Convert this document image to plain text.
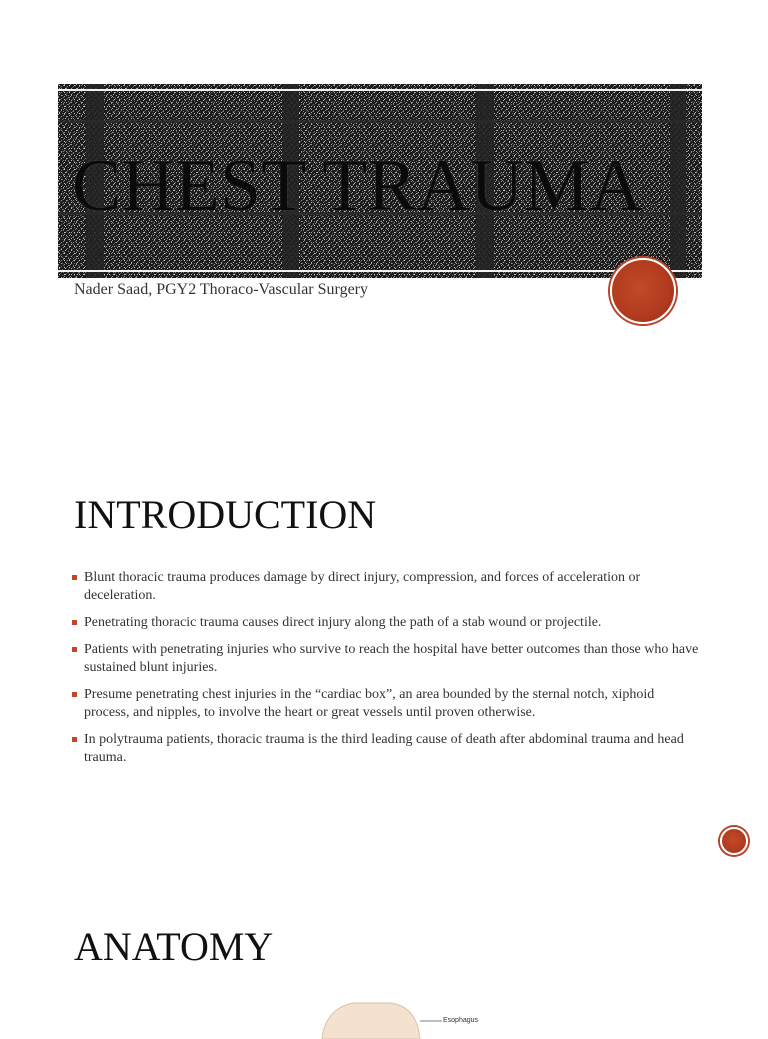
CHEST TRAUMA
Nader Saad, PGY2 Thoraco-Vascular Surgery
INTRODUCTION
Blunt thoracic trauma produces damage by direct injury, compression, and forces of acceleration or deceleration.
Penetrating thoracic trauma causes direct injury along the path of a stab wound or projectile.
Patients with penetrating injuries who survive to reach the hospital have better outcomes than those who have sustained blunt injuries.
Presume penetrating chest injuries in the “cardiac box”, an area bounded by the sternal notch, xiphoid process, and nipples, to involve the heart or great vessels until proven otherwise.
In polytrauma patients, thoracic trauma is the third leading cause of death after abdominal trauma and head trauma.
ANATOMY
Esophagus
